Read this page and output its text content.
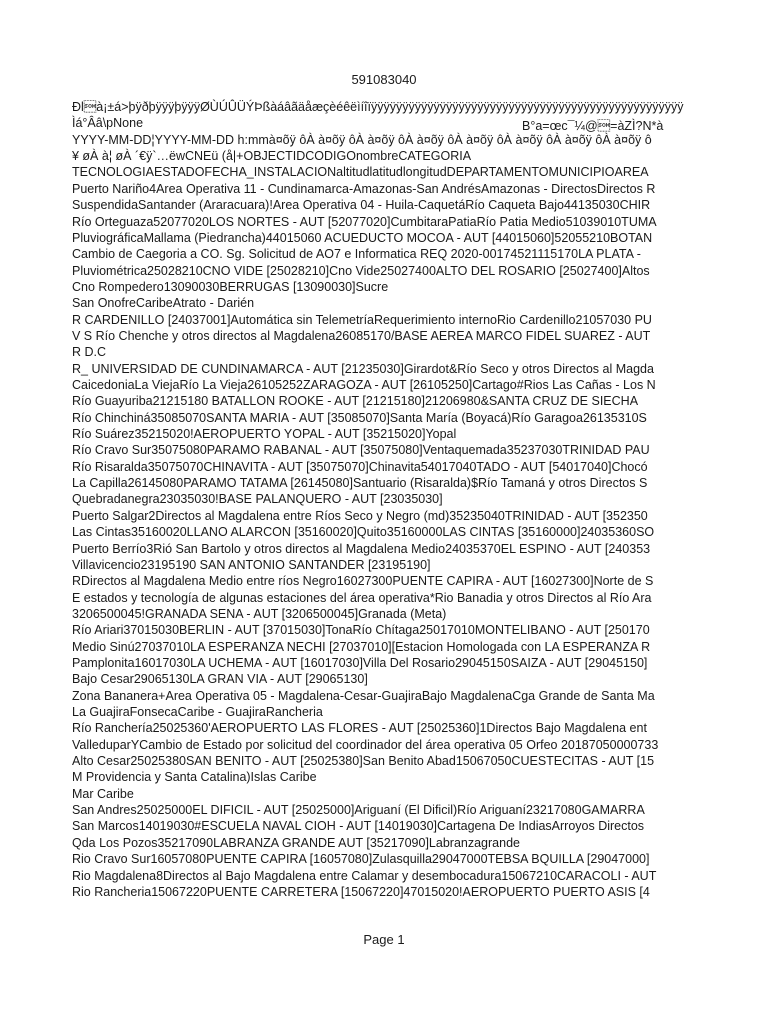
591083040
B°a=œc¯¼@=àZÌ?N*à
Ðlà¡±á>þÿðþÿÿÿþÿÿÿØÙÚÛÜÝÞßàáâãäåæçèéêëìíîïÿÿÿÿÿÿÿÿÿÿÿÿÿÿÿÿÿÿÿÿÿÿÿÿÿÿÿÿÿÿÿÿÿÿÿÿÿÿÿÿÿÿÿÿÿÿÿÿÿÿ
Ìá°Ââ\pNone
YYYY-MM-DD¦YYYY-MM-DD h:mmà¤õÿ ôÀ à¤õÿ ôÀ à¤õÿ ôÀ à¤õÿ ôÀ à¤õÿ ôÀ à¤õÿ ôÀ à¤õÿ ôÀ à¤õÿ ô
¥ øÀ à¦ øÀ ´€ÿ`…ëwCNEü (å|+OBJECTIDCODIGOnombreCATEGORIA
TECNOLOGIAESTADOFECHA_INSTALACIONaltitudlatitudlongitudDEPARTAMENTOMUNICIPIOAREA
Puerto Nariño4Area Operativa 11 - Cundinamarca-Amazonas-San AndrésAmazonas - DirectosDirectos R
SuspendidaSantander (Araracuara)!Area Operativa 04 - Huila-CaquetáRío Caqueta Bajo44135030CHIR
Río Orteguaza52077020LOS NORTES - AUT [52077020]CumbitaraPatiaRío Patia Medio51039010TUMA
PluviográficaMallama (Piedrancha)44015060 ACUEDUCTO MOCOA - AUT [44015060]52055210BOTAN
Cambio de Caegoria a CO. Sg. Solicitud de AO7 e Informatica REQ 2020-00174521115170LA PLATA -
Pluviométrica25028210CNO VIDE [25028210]Cno Vide25027400ALTO DEL ROSARIO [25027400]Altos
Cno Rompedero13090030BERRUGAS [13090030]Sucre
San OnofreCaribeAtrato - Darién
R CARDENILLO [24037001]Automática sin TelemetríaRequerimiento internoRio Cardenillo21057030 PU
V S Río Chenche y otros directos al Magdalena26085170/BASE AEREA MARCO FIDEL SUAREZ - AUT
R D.C
R_ UNIVERSIDAD DE CUNDINAMARCA - AUT [21235030]Girardot&Río Seco y otros Directos al Magda
CaicedoniaLa ViejaRío La Vieja26105252ZARAGOZA - AUT [26105250]Cartago#Rios Las Cañas - Los N
Río Guayuriba21215180 BATALLON ROOKE - AUT [21215180]21206980&SANTA CRUZ DE SIECHA
Río Chinchiná35085070SANTA MARIA - AUT [35085070]Santa María (Boyacá)Río Garagoa26135310S
Río Suárez35215020!AEROPUERTO YOPAL - AUT [35215020]Yopal
Río Cravo Sur35075080PARAMO RABANAL - AUT [35075080]Ventaquemada35237030TRINIDAD PAU
Río Risaralda35075070CHINAVITA - AUT [35075070]Chinavita54017040TADO - AUT [54017040]Chocó
La Capilla26145080PARAMO TATAMA [26145080]Santuario (Risaralda)$Río Tamaná y otros Directos S
Quebradanegra23035030!BASE PALANQUERO - AUT [23035030]
Puerto Salgar2Directos al Magdalena entre Ríos Seco y Negro (md)35235040TRINIDAD - AUT [352350
Las Cintas35160020LLANO ALARCON [35160020]Quito35160000LAS CINTAS [35160000]24035360SO
Puerto Berrío3Rió San Bartolo y otros directos al Magdalena Medio24035370EL ESPINO - AUT [240353
Villavicencio23195190 SAN ANTONIO SANTANDER [23195190]
RDirectos al Magdalena Medio entre ríos Negro16027300PUENTE CAPIRA - AUT [16027300]Norte de S
E estados y tecnología de algunas estaciones del área operativa*Rio Banadia y otros Directos al Río Ara
3206500045!GRANADA SENA - AUT [3206500045]Granada (Meta)
Río Ariari37015030BERLIN - AUT [37015030]TonaRío Chítaga25017010MONTELIBANO - AUT [250170
Medio Sinú27037010LA ESPERANZA NECHI [27037010][Estacion Homologada con LA ESPERANZA R
Pamplonita16017030LA UCHEMA - AUT [16017030]Villa Del Rosario29045150SAIZA - AUT [29045150]
Bajo Cesar29065130LA GRAN VIA - AUT [29065130]
Zona Bananera+Area Operativa 05 - Magdalena-Cesar-GuajiraBajo MagdalenaCga Grande de Santa Ma
La GuajiraFonsecaCaribe - GuajiraRancheria
Río Ranchería25025360'AEROPUERTO LAS FLORES - AUT [25025360]1Directos Bajo Magdalena ent
ValleduparYCambio de Estado por solicitud del coordinador del área operativa 05 Orfeo 20187050000733
Alto Cesar25025380SAN BENITO - AUT [25025380]San Benito Abad15067050CUESTECITAS - AUT [15
M Providencia y Santa Catalina)Islas Caribe
Mar Caribe
San Andres25025000EL DIFICIL - AUT [25025000]Ariguaní (El Dificil)Río Ariguaní23217080GAMARRA
San Marcos14019030#ESCUELA NAVAL CIOH - AUT [14019030]Cartagena De IndiasArroyos Directos
Qda Los Pozos35217090LABRANZA GRANDE AUT [35217090]Labranzagrande
Rio Cravo Sur16057080PUENTE CAPIRA [16057080]Zulasquilla29047000TEBSA BQUILLA [29047000]
Rio Magdalena8Directos al Bajo Magdalena entre Calamar y desembocadura15067210CARACOLI - AUT
Rio Rancheria15067220PUENTE CARRETERA [15067220]47015020!AEROPUERTO PUERTO ASIS [4
Page 1
